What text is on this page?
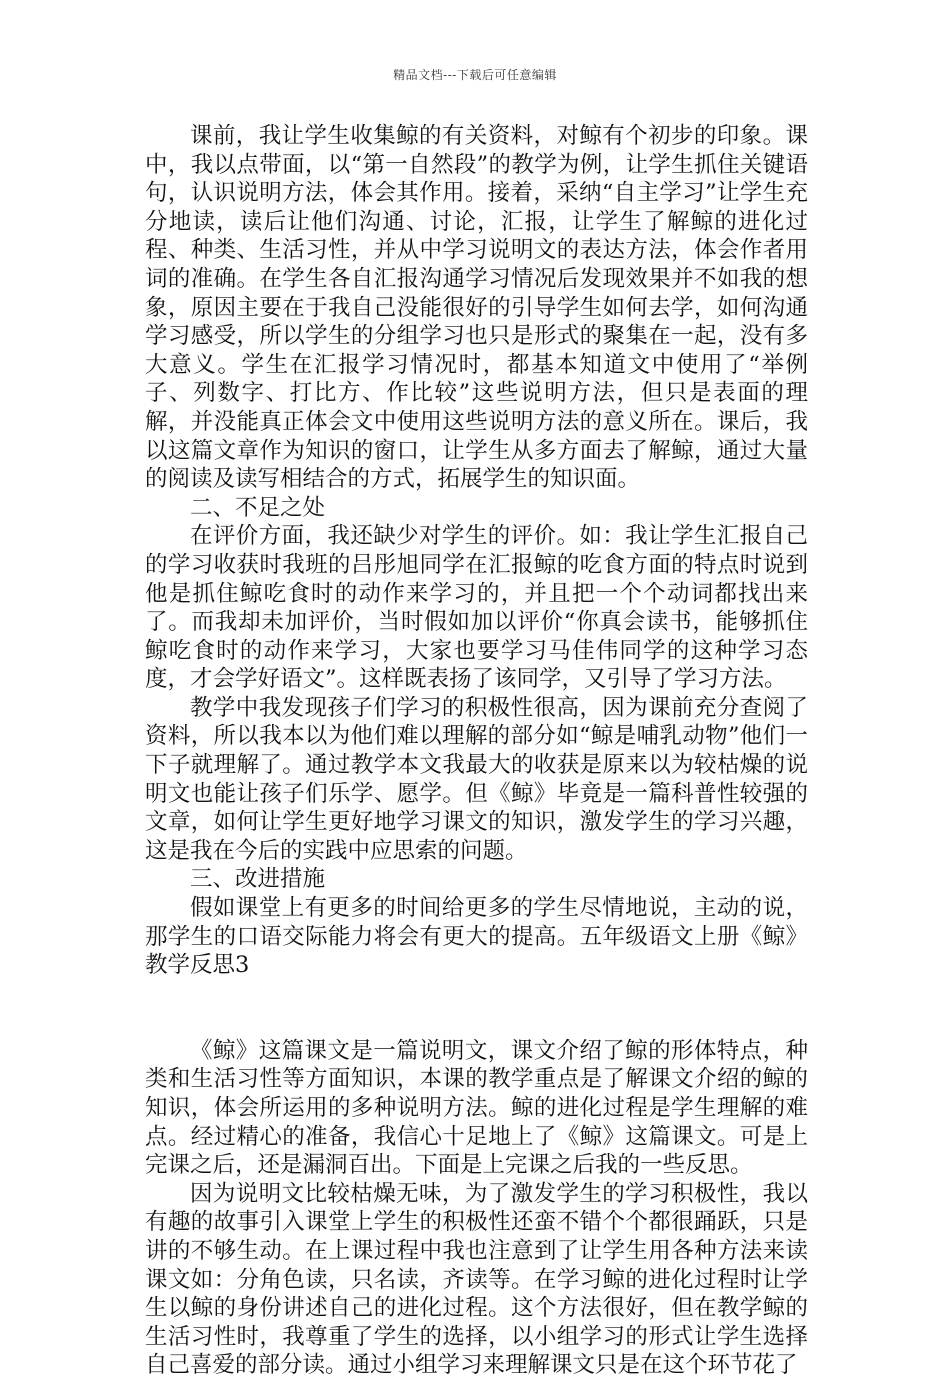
精品文档---下载后可任意编辑

课前，我让学生收集鲸的有关资料，对鲸有个初步的印象。课中，我以点带面，以“第一自然段”的教学为例，让学生抓住关键语句，认识说明方法，体会其作用。接着，采纳“自主学习”让学生充分地读，读后让他们沟通、讨论，汇报，让学生了解鲸的进化过程、种类、生活习性，并从中学习说明文的表达方法，体会作者用词的准确。在学生各自汇报沟通学习情况后发现效果并不如我的想象，原因主要在于我自己没能很好的引导学生如何去学，如何沟通学习感受，所以学生的分组学习也只是形式的聚集在一起，没有多大意义。学生在汇报学习情况时，都基本知道文中使用了“举例子、列数字、打比方、作比较”这些说明方法，但只是表面的理解，并没能真正体会文中使用这些说明方法的意义所在。课后，我以这篇文章作为知识的窗口，让学生从多方面去了解鲸，通过大量的阅读及读写相结合的方式，拓展学生的知识面。

二、不足之处

在评价方面，我还缺少对学生的评价。如：我让学生汇报自己的学习收获时我班的吕彤旭同学在汇报鲸的吃食方面的特点时说到他是抓住鲸吃食时的动作来学习的，并且把一个个动词都找出来了。而我却未加评价，当时假如加以评价“你真会读书，能够抓住鲸吃食时的动作来学习，大家也要学习马佳伟同学的这种学习态度，才会学好语文”。这样既表扬了该同学，又引导了学习方法。

教学中我发现孩子们学习的积极性很高，因为课前充分查阅了资料，所以我本以为他们难以理解的部分如“鲸是哺乳动物”他们一下子就理解了。通过教学本文我最大的收获是原来以为较枯燥的说明文也能让孩子们乐学、愿学。但《鲸》毕竟是一篇科普性较强的文章，如何让学生更好地学习课文的知识，激发学生的学习兴趣，这是我在今后的实践中应思索的问题。

三、改进措施

假如课堂上有更多的时间给更多的学生尽情地说，主动的说，那学生的口语交际能力将会有更大的提高。五年级语文上册《鲸》教学反思3

《鲸》这篇课文是一篇说明文，课文介绍了鲸的形体特点，种类和生活习性等方面知识，本课的教学重点是了解课文介绍的鲸的知识，体会所运用的多种说明方法。鲸的进化过程是学生理解的难点。经过精心的准备，我信心十足地上了《鲸》这篇课文。可是上完课之后，还是漏洞百出。下面是上完课之后我的一些反思。

因为说明文比较枯燥无味，为了激发学生的学习积极性，我以有趣的故事引入课堂上学生的积极性还蛮不错个个都很踊跃，只是讲的不够生动。在上课过程中我也注意到了让学生用各种方法来读课文如：分角色读，只名读，齐读等。在学习鲸的进化过程时让学生以鲸的身份讲述自己的进化过程。这个方法很好，但在教学鲸的生活习性时，我尊重了学生的选择，以小组学习的形式让学生选择自己喜爱的部分读。通过小组学习来理解课文只是在这个环节花了
